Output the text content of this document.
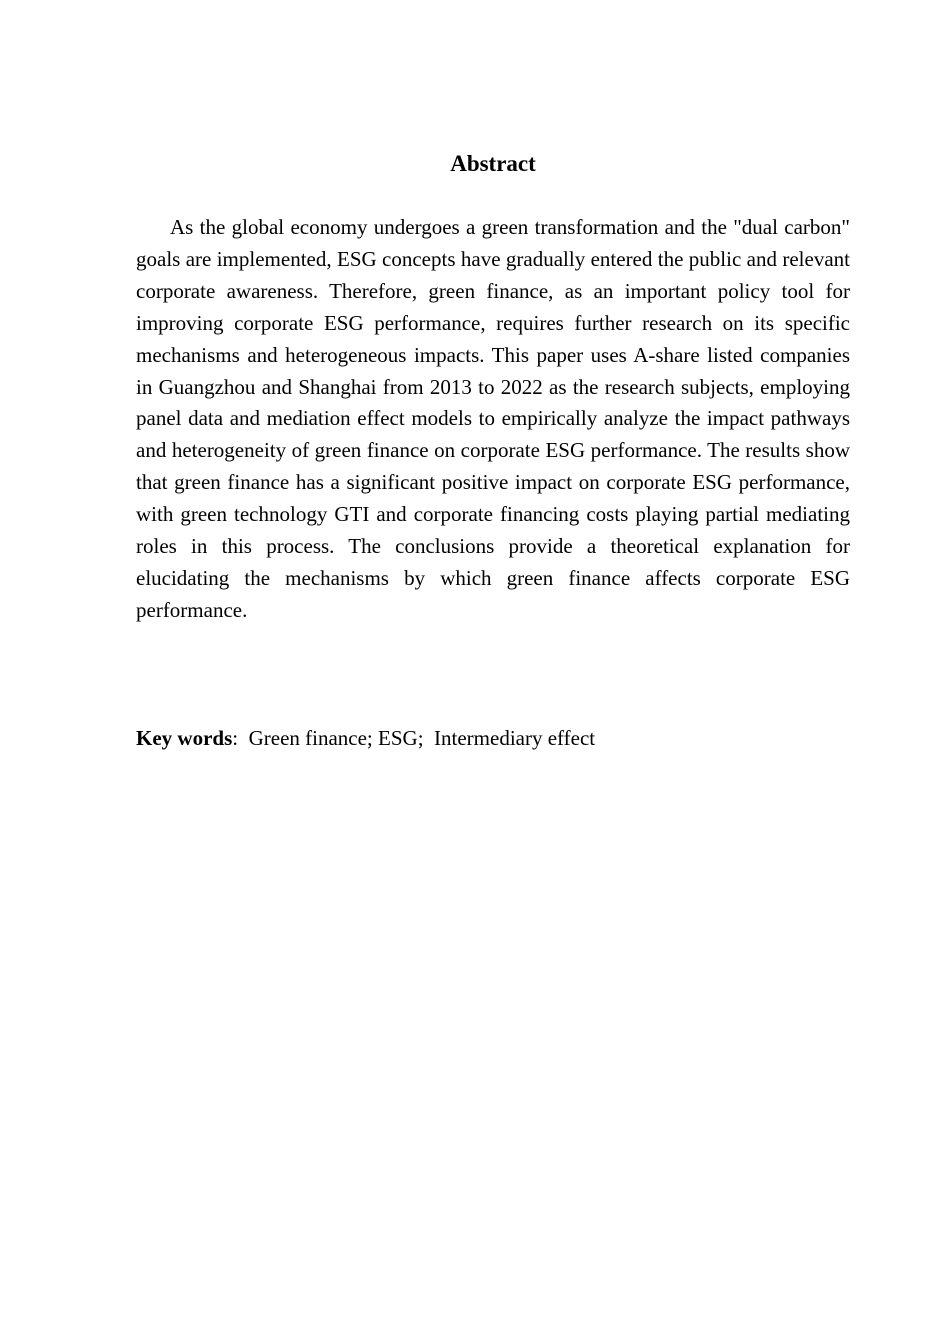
Abstract

As the global economy undergoes a green transformation and the "dual carbon" goals are implemented, ESG concepts have gradually entered the public and relevant corporate awareness. Therefore, green finance, as an important policy tool for improving corporate ESG performance, requires further research on its specific mechanisms and heterogeneous impacts. This paper uses A-share listed companies in Guangzhou and Shanghai from 2013 to 2022 as the research subjects, employing panel data and mediation effect models to empirically analyze the impact pathways and heterogeneity of green finance on corporate ESG performance. The results show that green finance has a significant positive impact on corporate ESG performance, with green technology GTI and corporate financing costs playing partial mediating roles in this process. The conclusions provide a theoretical explanation for elucidating the mechanisms by which green finance affects corporate ESG performance.

Key words:  Green finance; ESG;  Intermediary effect
